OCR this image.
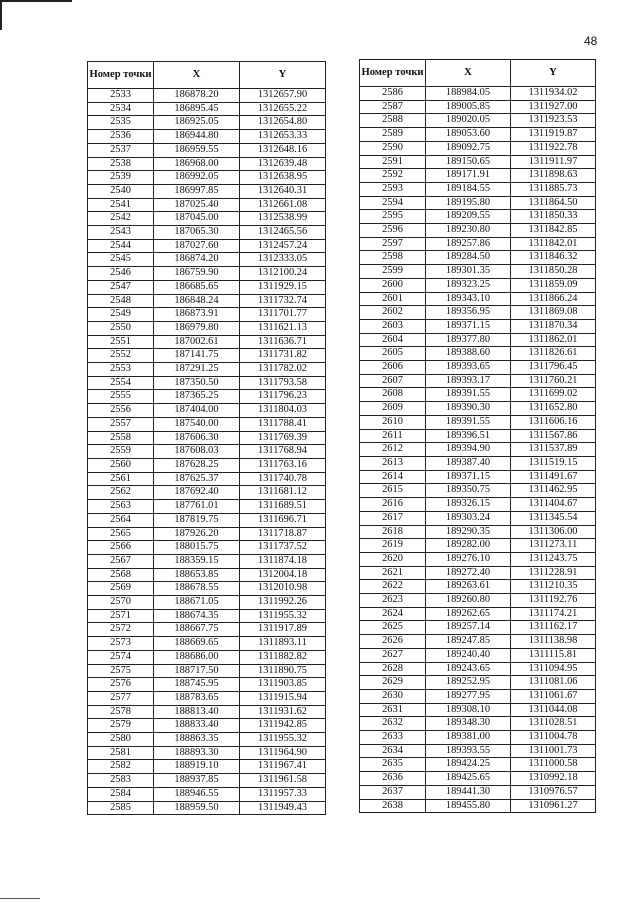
48
Номер точки	X	Y
2533	186878.20	1312657.90
2534	186895.45	1312655.22
2535	186925.05	1312654.80
2536	186944.80	1312653.33
2537	186959.55	1312648.16
2538	186968.00	1312639.48
2539	186992.05	1312638.95
2540	186997.85	1312640.31
2541	187025.40	1312661.08
2542	187045.00	1312538.99
2543	187065.30	1312465.56
2544	187027.60	1312457.24
2545	186874.20	1312333.05
2546	186759.90	1312100.24
2547	186685.65	1311929.15
2548	186848.24	1311732.74
2549	186873.91	1311701.77
2550	186979.80	1311621.13
2551	187002.61	1311636.71
2552	187141.75	1311731.82
2553	187291.25	1311782.02
2554	187350.50	1311793.58
2555	187365.25	1311796.23
2556	187404.00	1311804.03
2557	187540.00	1311788.41
2558	187606.30	1311769.39
2559	187608.03	1311768.94
2560	187628.25	1311763.16
2561	187625.37	1311740.78
2562	187692.40	1311681.12
2563	187761.01	1311689.51
2564	187819.75	1311696.71
2565	187926.20	1311718.87
2566	188015.75	1311737.52
2567	188359.15	1311874.18
2568	188653.85	1312004.18
2569	188678.55	1312010.98
2570	188671.05	1311992.26
2571	188674.35	1311955.32
2572	188667.75	1311917.89
2573	188669.65	1311893.11
2574	188686.00	1311882.82
2575	188717.50	1311890.75
2576	188745.95	1311903.85
2577	188783.65	1311915.94
2578	188813.40	1311931.62
2579	188833.40	1311942.85
2580	188863.35	1311955.32
2581	188893.30	1311964.90
2582	188919.10	1311967.41
2583	188937.85	1311961.58
2584	188946.55	1311957.33
2585	188959.50	1311949.43
Номер точки	X	Y
2586	188984.05	1311934.02
2587	189005.85	1311927.00
2588	189020.05	1311923.53
2589	189053.60	1311919.87
2590	189092.75	1311922.78
2591	189150.65	1311911.97
2592	189171.91	1311898.63
2593	189184.55	1311885.73
2594	189195.80	1311864.50
2595	189209.55	1311850.33
2596	189230.80	1311842.85
2597	189257.86	1311842.01
2598	189284.50	1311846.32
2599	189301.35	1311850.28
2600	189323.25	1311859.09
2601	189343.10	1311866.24
2602	189356.95	1311869.08
2603	189371.15	1311870.34
2604	189377.80	1311862.01
2605	189388.60	1311826.61
2606	189393.65	1311796.45
2607	189393.17	1311760.21
2608	189391.55	1311699.02
2609	189390.30	1311652.80
2610	189391.55	1311606.16
2611	189396.51	1311567.86
2612	189394.90	1311537.89
2613	189387.40	1311519.15
2614	189371.15	1311491.67
2615	189350.75	1311462.95
2616	189326.15	1311404.67
2617	189303.24	1311345.54
2618	189290.35	1311306.00
2619	189282.00	1311273.11
2620	189276.10	1311243.75
2621	189272.40	1311228.91
2622	189263.61	1311210.35
2623	189260.80	1311192.76
2624	189262.65	1311174.21
2625	189257.14	1311162.17
2626	189247.85	1311138.98
2627	189240.40	1311115.81
2628	189243.65	1311094.95
2629	189252.95	1311081.06
2630	189277.95	1311061.67
2631	189308.10	1311044.08
2632	189348.30	1311028.51
2633	189381.00	1311004.78
2634	189393.55	1311001.73
2635	189424.25	1311000.58
2636	189425.65	1310992.18
2637	189441.30	1310976.57
2638	189455.80	1310961.27
